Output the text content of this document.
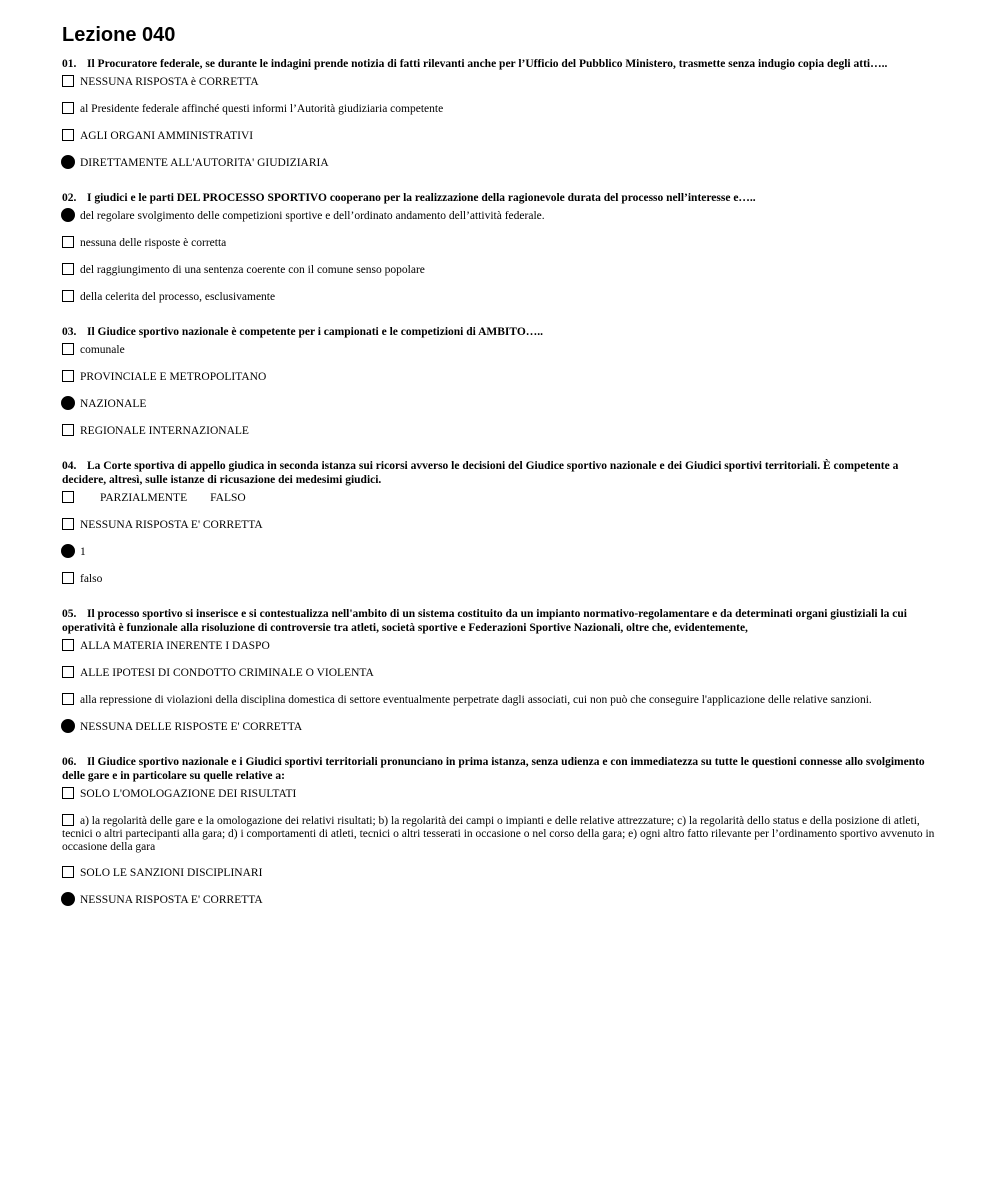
Lezione 040
01. Il Procuratore federale, se durante le indagini prende notizia di fatti rilevanti anche per l’Ufficio del Pubblico Ministero, trasmette senza indugio copia degli atti…..
NESSUNA RISPOSTA è CORRETTA
al Presidente federale affinché questi informi l’Autorità giudiziaria competente
AGLI ORGANI AMMINISTRATIVI
DIRETTAMENTE ALL'AUTORITA' GIUDIZIARIA
02. I giudici e le parti DEL PROCESSO SPORTIVO cooperano per la realizzazione della ragionevole durata del processo nell’interesse e…..
del regolare svolgimento delle competizioni sportive e dell’ordinato andamento dell’attività federale.
nessuna delle risposte è corretta
del raggiungimento di una sentenza coerente con il comune senso popolare
della celerita del processo, esclusivamente
03. Il Giudice sportivo nazionale è competente per i campionati e le competizioni di AMBITO…..
comunale
PROVINCIALE E METROPOLITANO
NAZIONALE
REGIONALE INTERNAZIONALE
04. La Corte sportiva di appello giudica in seconda istanza sui ricorsi avverso le decisioni del Giudice sportivo nazionale e dei Giudici sportivi territoriali. È competente a decidere, altresì, sulle istanze di ricusazione dei medesimi giudici.
PARZIALMENTE        FALSO
NESSUNA RISPOSTA E' CORRETTA
1
falso
05. Il processo sportivo si inserisce e si contestualizza nell'ambito di un sistema costituito da un impianto normativo-regolamentare e da determinati organi giustiziali la cui operatività è funzionale alla risoluzione di controversie tra atleti, società sportive e Federazioni Sportive Nazionali, oltre che, evidentemente,
ALLA MATERIA INERENTE I DASPO
ALLE IPOTESI DI CONDOTTO CRIMINALE O VIOLENTA
alla repressione di violazioni della disciplina domestica di settore eventualmente perpetrate dagli associati, cui non può che conseguire l'applicazione delle relative sanzioni.
NESSUNA DELLE RISPOSTE E' CORRETTA
06. Il Giudice sportivo nazionale e i Giudici sportivi territoriali pronunciano in prima istanza, senza udienza e con immediatezza su tutte le questioni connesse allo svolgimento delle gare e in particolare su quelle relative a:
SOLO L'OMOLOGAZIONE DEI RISULTATI
a) la regolarità delle gare e la omologazione dei relativi risultati; b) la regolarità dei campi o impianti e delle relative attrezzature; c) la regolarità dello status e della posizione di atleti, tecnici o altri partecipanti alla gara; d) i comportamenti di atleti, tecnici o altri tesserati in occasione o nel corso della gara; e) ogni altro fatto rilevante per l’ordinamento sportivo avvenuto in occasione della gara
SOLO LE SANZIONI DISCIPLINARI
NESSUNA RISPOSTA E' CORRETTA
